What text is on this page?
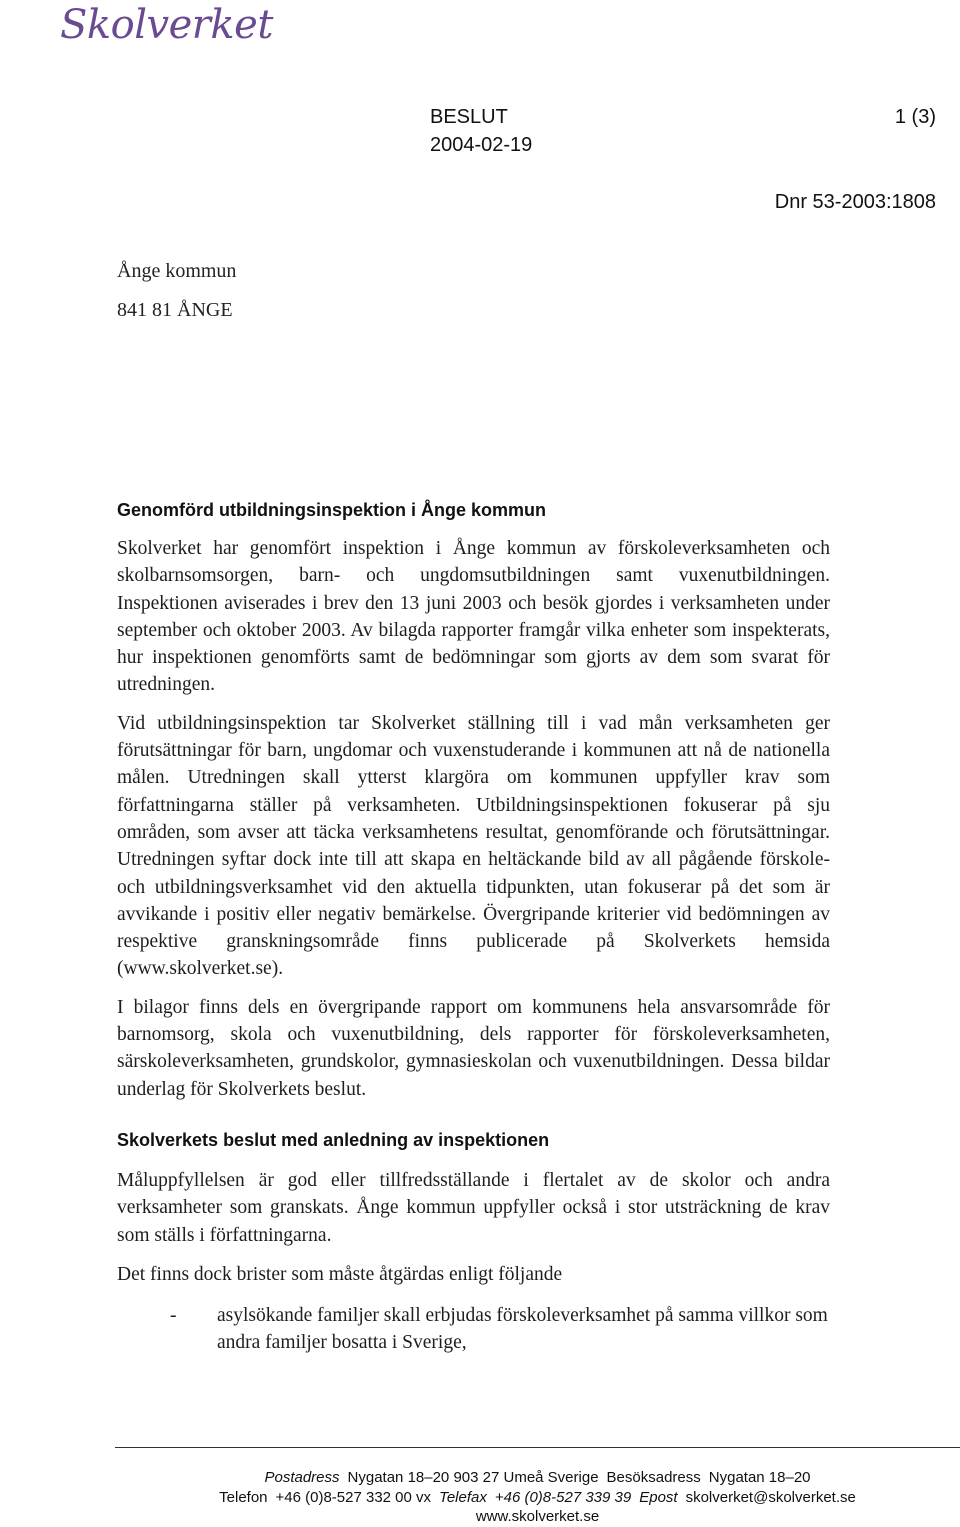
Skolverket
BESLUT
2004-02-19
1 (3)
Dnr 53-2003:1808
Ånge kommun
841 81 ÅNGE
Genomförd utbildningsinspektion i Ånge kommun

Skolverket har genomfört inspektion i Ånge kommun av förskoleverksamheten och skolbarnsomsorgen, barn- och ungdomsutbildningen samt vuxenutbildningen. Inspektionen aviserades i brev den 13 juni 2003 och besök gjordes i verksamheten under september och oktober 2003. Av bilagda rapporter framgår vilka enheter som inspekterats, hur inspektionen genomförts samt de bedömningar som gjorts av dem som svarat för utredningen.

Vid utbildningsinspektion tar Skolverket ställning till i vad mån verksamheten ger förutsättningar för barn, ungdomar och vuxenstuderande i kommunen att nå de nationella målen. Utredningen skall ytterst klargöra om kommunen uppfyller krav som författningarna ställer på verksamheten. Utbildningsinspektionen fokuserar på sju områden, som avser att täcka verksamhetens resultat, genomförande och förutsättningar. Utredningen syftar dock inte till att skapa en heltäckande bild av all pågående förskole- och utbildningsverksamhet vid den aktuella tidpunkten, utan fokuserar på det som är avvikande i positiv eller negativ bemärkelse. Övergripande kriterier vid bedömningen av respektive granskningsområde finns publicerade på Skolverkets hemsida (www.skolverket.se).

I bilagor finns dels en övergripande rapport om kommunens hela ansvarsområde för barnomsorg, skola och vuxenutbildning, dels rapporter för förskoleverksamheten, särskoleverksamheten, grundskolor, gymnasieskolan och vuxenutbildningen. Dessa bildar underlag för Skolverkets beslut.

Skolverkets beslut med anledning av inspektionen

Måluppfyllelsen är god eller tillfredsställande i flertalet av de skolor och andra verksamheter som granskats. Ånge kommun uppfyller också i stor utsträckning de krav som ställs i författningarna.

Det finns dock brister som måste åtgärdas enligt följande

-	asylsökande familjer skall erbjudas förskoleverksamhet på samma villkor som andra familjer bosatta i Sverige,
Postadress Nygatan 18–20 903 27 Umeå Sverige Besöksadress Nygatan 18–20
Telefon +46 (0)8-527 332 00 vx Telefax +46 (0)8-527 339 39 Epost skolverket@skolverket.se
www.skolverket.se
